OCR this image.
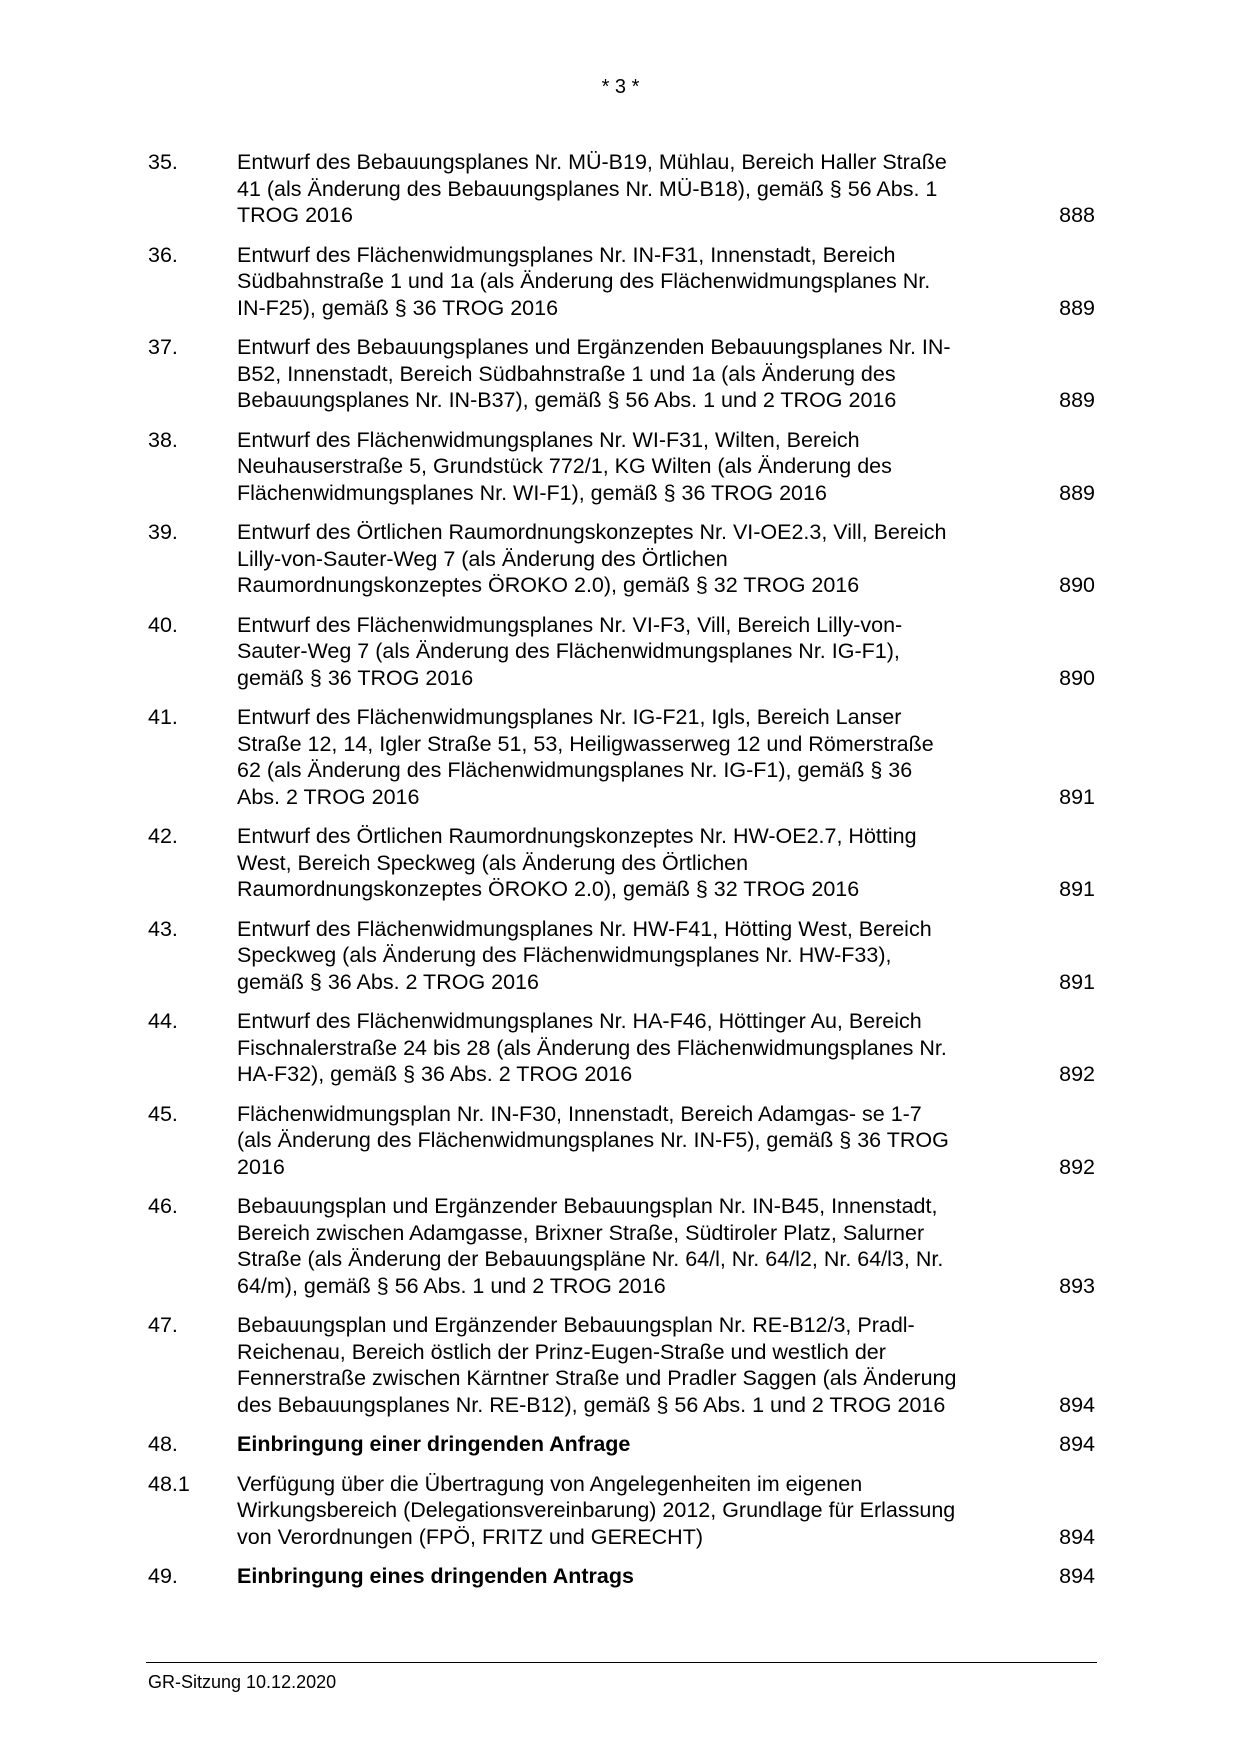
* 3 *
35.	Entwurf des Bebauungsplanes Nr. MÜ-B19, Mühlau, Bereich Haller Straße
41 (als Änderung des Bebauungsplanes Nr. MÜ-B18), gemäß § 56 Abs. 1
TROG 2016	888
36.	Entwurf des Flächenwidmungsplanes Nr. IN-F31, Innenstadt, Bereich
Südbahnstraße 1 und 1a (als Änderung des Flächenwidmungsplanes Nr.
IN-F25), gemäß § 36 TROG 2016	889
37.	Entwurf des Bebauungsplanes und Ergänzenden Bebauungsplanes Nr. IN-
B52, Innenstadt, Bereich Südbahnstraße 1 und 1a (als Änderung des
Bebauungsplanes Nr. IN-B37), gemäß § 56 Abs. 1 und 2 TROG 2016	889
38.	Entwurf des Flächenwidmungsplanes Nr. WI-F31, Wilten, Bereich
Neuhauserstraße 5, Grundstück 772/1, KG Wilten (als Änderung des
Flächenwidmungsplanes Nr. WI-F1), gemäß § 36 TROG 2016	889
39.	Entwurf des Örtlichen Raumordnungskonzeptes Nr. VI-OE2.3, Vill, Bereich
Lilly-von-Sauter-Weg 7 (als Änderung des Örtlichen
Raumordnungskonzeptes ÖROKO 2.0), gemäß § 32 TROG 2016	890
40.	Entwurf des Flächenwidmungsplanes Nr. VI-F3, Vill, Bereich Lilly-von-
Sauter-Weg 7 (als Änderung des Flächenwidmungsplanes Nr. IG-F1),
gemäß § 36 TROG 2016	890
41.	Entwurf des Flächenwidmungsplanes Nr. IG-F21, Igls, Bereich Lanser
Straße 12, 14, Igler Straße 51, 53, Heiligwasserweg 12 und Römerstraße
62 (als Änderung des Flächenwidmungsplanes Nr. IG-F1), gemäß § 36
Abs. 2 TROG 2016	891
42.	Entwurf des Örtlichen Raumordnungskonzeptes Nr. HW-OE2.7, Hötting
West, Bereich Speckweg (als Änderung des Örtlichen
Raumordnungskonzeptes ÖROKO 2.0), gemäß § 32 TROG 2016	891
43.	Entwurf des Flächenwidmungsplanes Nr. HW-F41, Hötting West, Bereich
Speckweg (als Änderung des Flächenwidmungsplanes Nr. HW-F33),
gemäß § 36 Abs. 2 TROG 2016	891
44.	Entwurf des Flächenwidmungsplanes Nr. HA-F46, Höttinger Au, Bereich
Fischnalerstraße 24 bis 28 (als Änderung des Flächenwidmungsplanes Nr.
HA-F32), gemäß § 36 Abs. 2 TROG 2016	892
45.	Flächenwidmungsplan Nr. IN-F30, Innenstadt, Bereich Adamgas- se 1-7
(als Änderung des Flächenwidmungsplanes Nr. IN-F5), gemäß § 36 TROG
2016	892
46.	Bebauungsplan und Ergänzender Bebauungsplan Nr. IN-B45, Innenstadt,
Bereich zwischen Adamgasse, Brixner Straße, Südtiroler Platz, Salurner
Straße (als Änderung der Bebauungspläne Nr. 64/l, Nr. 64/l2, Nr. 64/l3, Nr.
64/m), gemäß § 56 Abs. 1 und 2 TROG 2016	893
47.	Bebauungsplan und Ergänzender Bebauungsplan Nr. RE-B12/3, Pradl-
Reichenau, Bereich östlich der Prinz-Eugen-Straße und westlich der
Fennerstraße zwischen Kärntner Straße und Pradler Saggen (als Änderung
des Bebauungsplanes Nr. RE-B12), gemäß § 56 Abs. 1 und 2 TROG 2016	894
48.	Einbringung einer dringenden Anfrage	894
48.1 Verfügung über die Übertragung von Angelegenheiten im eigenen
Wirkungsbereich (Delegationsvereinbarung) 2012, Grundlage für Erlassung
von Verordnungen (FPÖ, FRITZ und GERECHT)	894
49.	Einbringung eines dringenden Antrags	894
GR-Sitzung 10.12.2020
